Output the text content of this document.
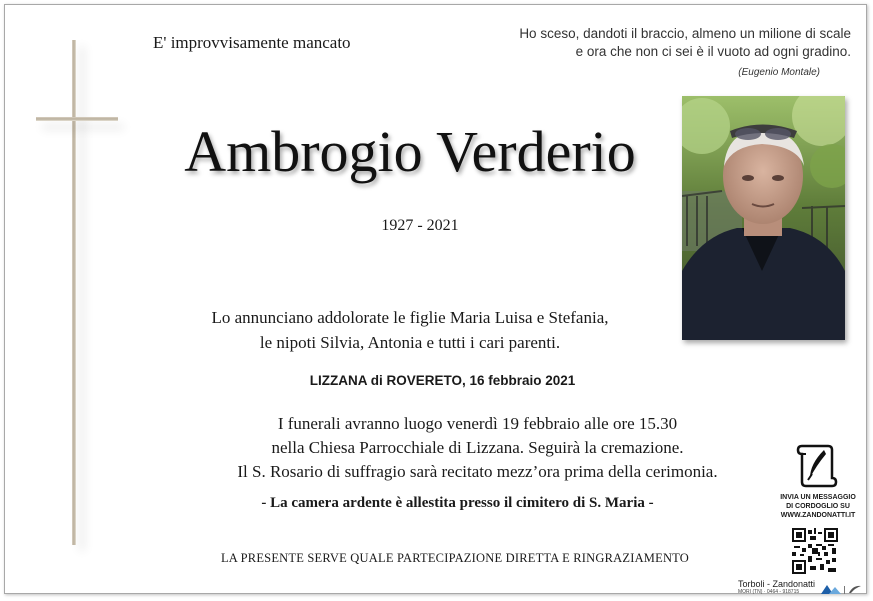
E' improvvisamente mancato	Ho sceso, dandoti il braccio, almeno un milione di scale
e ora che non ci sei è il vuoto ad ogni gradino.
(Eugenio Montale)
Ambrogio Verderio
1927 - 2021
Lo annunciano addolorate le figlie Maria Luisa e Stefania,
le nipoti Silvia, Antonia e tutti i cari parenti.
LIZZANA di ROVERETO, 16 febbraio 2021
I funerali avranno luogo venerdì 19 febbraio alle ore 15.30
nella Chiesa Parrocchiale di Lizzana. Seguirà la cremazione.
Il S. Rosario di suffragio sarà recitato mezz’ora prima della cerimonia.
- La camera ardente è allestita presso il cimitero di S. Maria -
LA PRESENTE SERVE QUALE PARTECIPAZIONE DIRETTA E RINGRAZIAMENTO
INVIA UN MESSAGGIO
DI CORDOGLIO SU
WWW.ZANDONATTI.IT
Torboli - Zandonatti
MORI (TN) · 0464 - 918715
